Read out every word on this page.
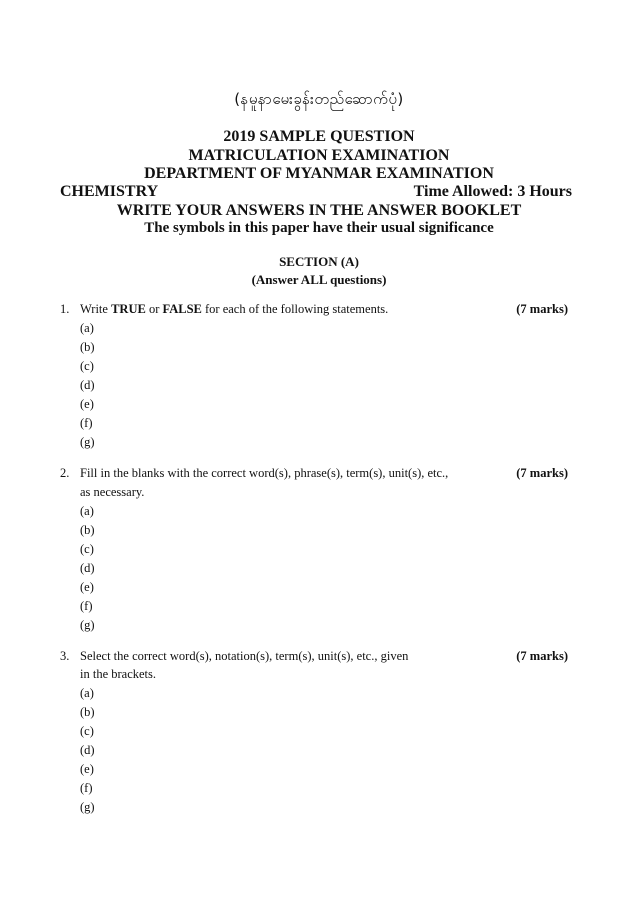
(နမူနာမေးခွန်းတည်ဆောက်ပုံ)
2019 SAMPLE QUESTION
MATRICULATION EXAMINATION
DEPARTMENT OF MYANMAR EXAMINATION
CHEMISTRY	Time Allowed: 3 Hours
WRITE YOUR ANSWERS IN THE ANSWER BOOKLET
The symbols in this paper have their usual significance
SECTION (A)
(Answer ALL questions)
1. Write TRUE or FALSE for each of the following statements.	(7 marks)
(a)
(b)
(c)
(d)
(e)
(f)
(g)
2. Fill in the blanks with the correct word(s), phrase(s), term(s), unit(s), etc.,	(7 marks)
as necessary.
(a)
(b)
(c)
(d)
(e)
(f)
(g)
3. Select the correct word(s), notation(s), term(s), unit(s), etc., given	(7 marks)
in the brackets.
(a)
(b)
(c)
(d)
(e)
(f)
(g)
